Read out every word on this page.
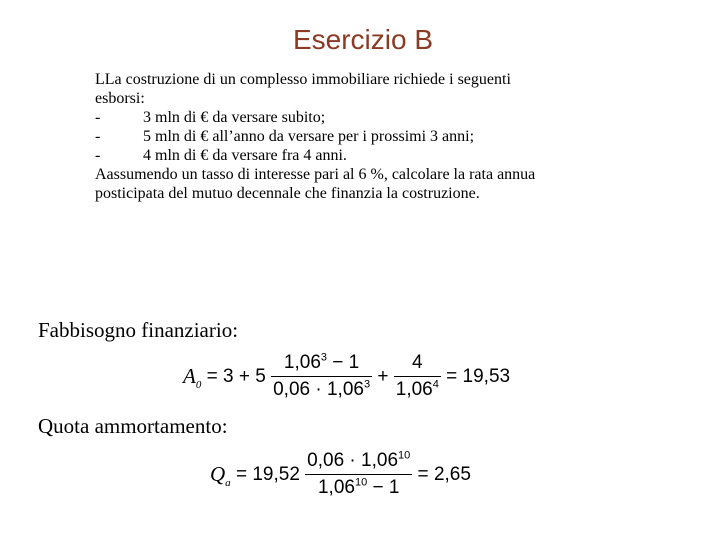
Esercizio B
LLa costruzione di un complesso immobiliare richiede i seguenti
esborsi:
-	3 mln di € da versare subito;
-	5 mln di € all’anno da versare per i prossimi 3 anni;
-	4 mln di € da versare fra 4 anni.
Aassumendo un tasso di interesse pari al 6 %, calcolare la rata annua
posticipata del mutuo decennale che finanzia la costruzione.
Fabbisogno finanziario:
$A_0 = 3 + 5 \frac{1,06^3 - 1}{0,06 \cdot 1,06^3} + \frac{4}{1,06^4} = 19,53$
Quota ammortamento:
$Q_a = 19,52 \frac{0,06 \cdot 1,06^{10}}{1,06^{10} - 1} = 2,65$
